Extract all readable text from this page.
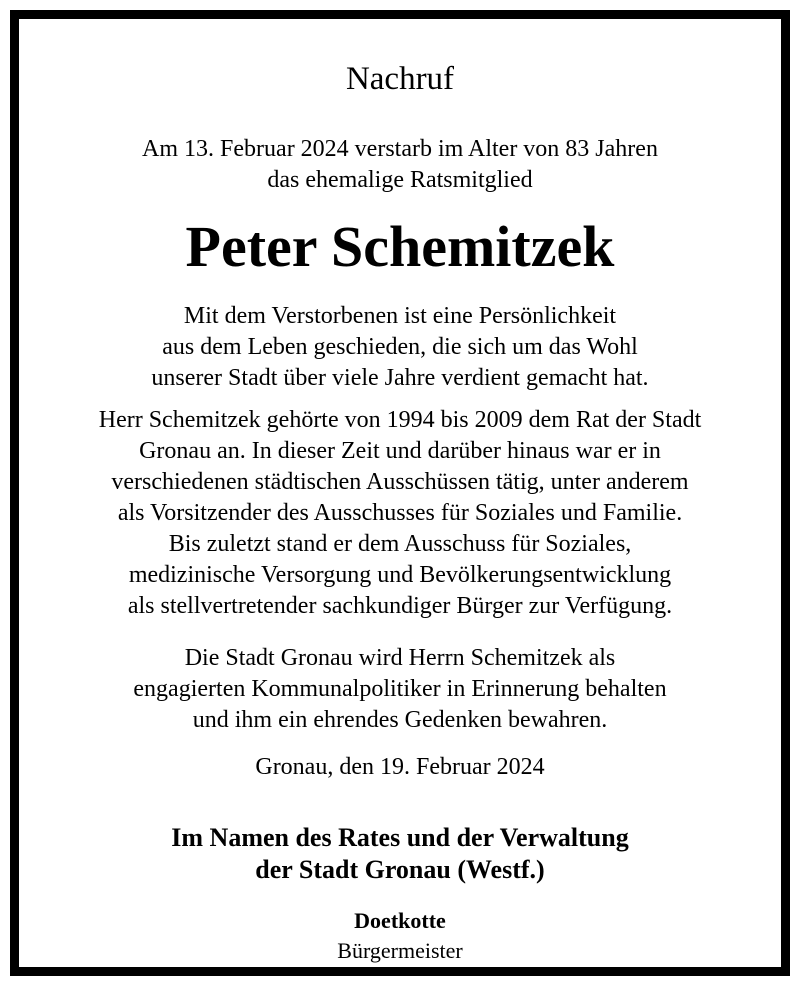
Nachruf
Am 13. Februar 2024 verstarb im Alter von 83 Jahren
das ehemalige Ratsmitglied
Peter Schemitzek
Mit dem Verstorbenen ist eine Persönlichkeit
aus dem Leben geschieden, die sich um das Wohl
unserer Stadt über viele Jahre verdient gemacht hat.
Herr Schemitzek gehörte von 1994 bis 2009 dem Rat der Stadt
Gronau an. In dieser Zeit und darüber hinaus war er in
verschiedenen städtischen Ausschüssen tätig, unter anderem
als Vorsitzender des Ausschusses für Soziales und Familie.
Bis zuletzt stand er dem Ausschuss für Soziales,
medizinische Versorgung und Bevölkerungsentwicklung
als stellvertretender sachkundiger Bürger zur Verfügung.
Die Stadt Gronau wird Herrn Schemitzek als
engagierten Kommunalpolitiker in Erinnerung behalten
und ihm ein ehrendes Gedenken bewahren.
Gronau, den 19. Februar 2024
Im Namen des Rates und der Verwaltung
der Stadt Gronau (Westf.)
Doetkotte
Bürgermeister
